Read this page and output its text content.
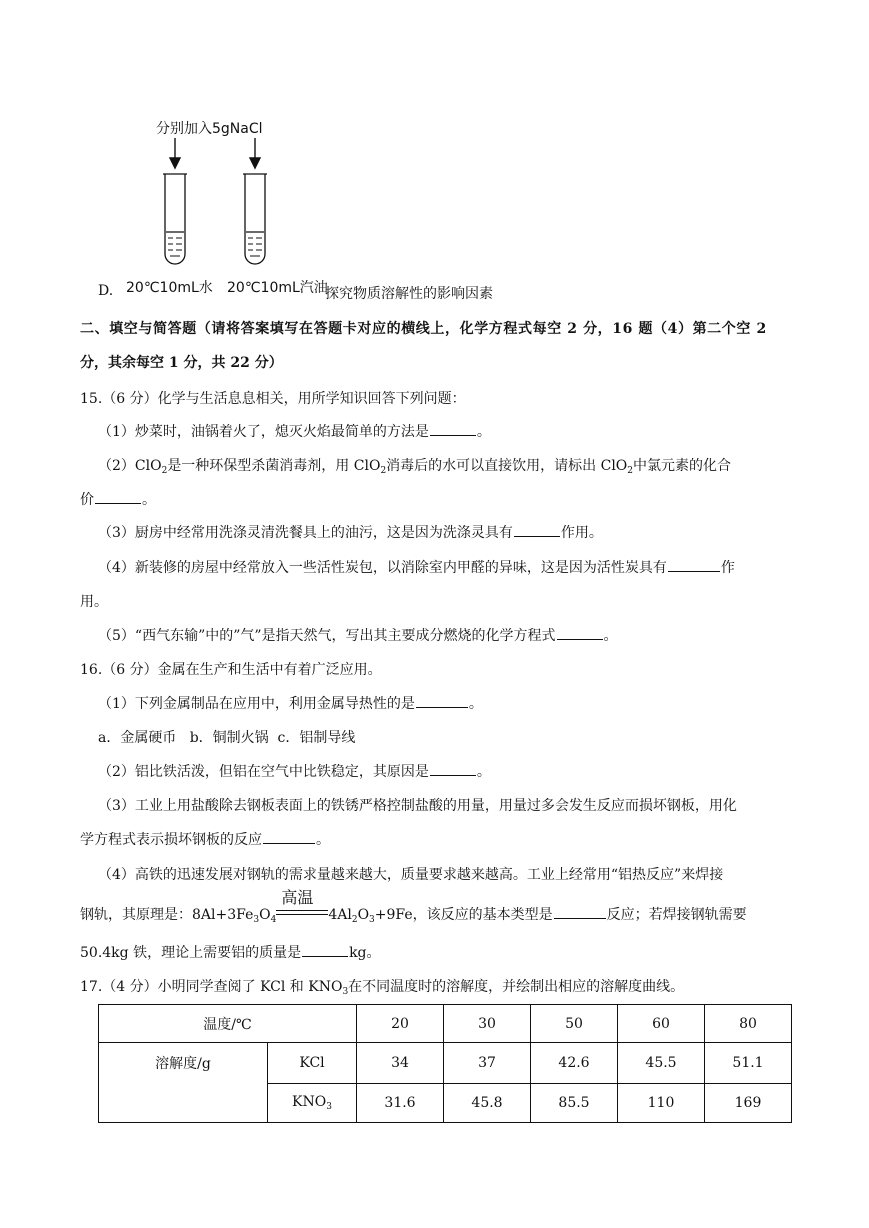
分别加入5gNaCl
D. 20℃10mL水 20℃10mL汽油
探究物质溶解性的影响因素
二、填空与简答题（请将答案填写在答题卡对应的横线上，化学方程式每空 2 分，16 题（4）第二个空 2
分，其余每空 1 分，共 22 分）
15.（6 分）化学与生活息息相关，用所学知识回答下列问题：
（1）炒菜时，油锅着火了，熄灭火焰最简单的方法是	。
（2）ClO$_2$是一种环保型杀菌消毒剂，用 ClO$_2$消毒后的水可以直接饮用，请标出 ClO$_2$中氯元素的化合
价	。
（3）厨房中经常用洗涤灵清洗餐具上的油污，这是因为洗涤灵具有	作用。
（4）新装修的房屋中经常放入一些活性炭包，以消除室内甲醛的异味，这是因为活性炭具有	作
用。
（5）“西气东输”中的”气”是指天然气，写出其主要成分燃烧的化学方程式	。
16.（6 分）金属在生产和生活中有着广泛应用。
（1）下列金属制品在应用中，利用金属导热性的是	。
a．金属硬币   b．铜制火锅  c．铝制导线
（2）铝比铁活泼，但铝在空气中比铁稳定，其原因是	。
（3）工业上用盐酸除去钢板表面上的铁锈严格控制盐酸的用量，用量过多会发生反应而损坏钢板，用化
学方程式表示损坏钢板的反应	。
（4）高铁的迅速发展对钢轨的需求量越来越大，质量要求越来越高。工业上经常用“铝热反应”来焊接
钢轨，其原理是：$8Al+3Fe_3O_4$
高温
$4Al_2O_3+9Fe$，该反应的基本类型是	反应；若焊接钢轨需要
50.4kg 铁，理论上需要铝的质量是	kg。
17.（4 分）小明同学查阅了 KCl 和 $KNO_3$在不同温度时的溶解度，并绘制出相应的溶解度曲线。
温度/℃		20	30	50	60	80
溶解度/g	KCl	34	37	42.6	45.5	51.1
	$KNO_3$	31.6	45.8	85.5	110	169
